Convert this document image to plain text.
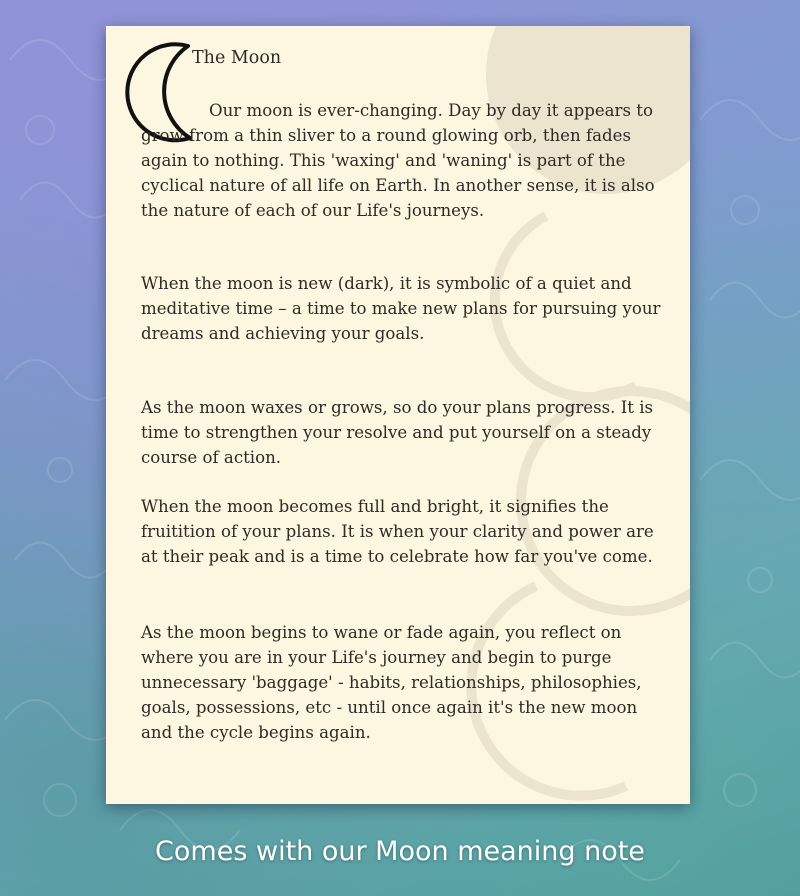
The Moon

Our moon is ever-changing. Day by day it appears to grow from a thin sliver to a round glowing orb, then fades again to nothing. This 'waxing' and 'waning' is part of the cyclical nature of all life on Earth. In another sense, it is also the nature of each of our Life's journeys.

When the moon is new (dark), it is symbolic of a quiet and meditative time – a time to make new plans for pursuing your dreams and achieving your goals.

As the moon waxes or grows, so do your plans progress. It is time to strengthen your resolve and put yourself on a steady course of action.

When the moon becomes full and bright, it signifies the fruitition of your plans. It is when your clarity and power are at their peak and is a time to celebrate how far you've come.

As the moon begins to wane or fade again, you reflect on where you are in your Life's journey and begin to purge unnecessary 'baggage' - habits, relationships, philosophies, goals, possessions, etc - until once again it's the new moon and the cycle begins again.

Comes with our Moon meaning note
